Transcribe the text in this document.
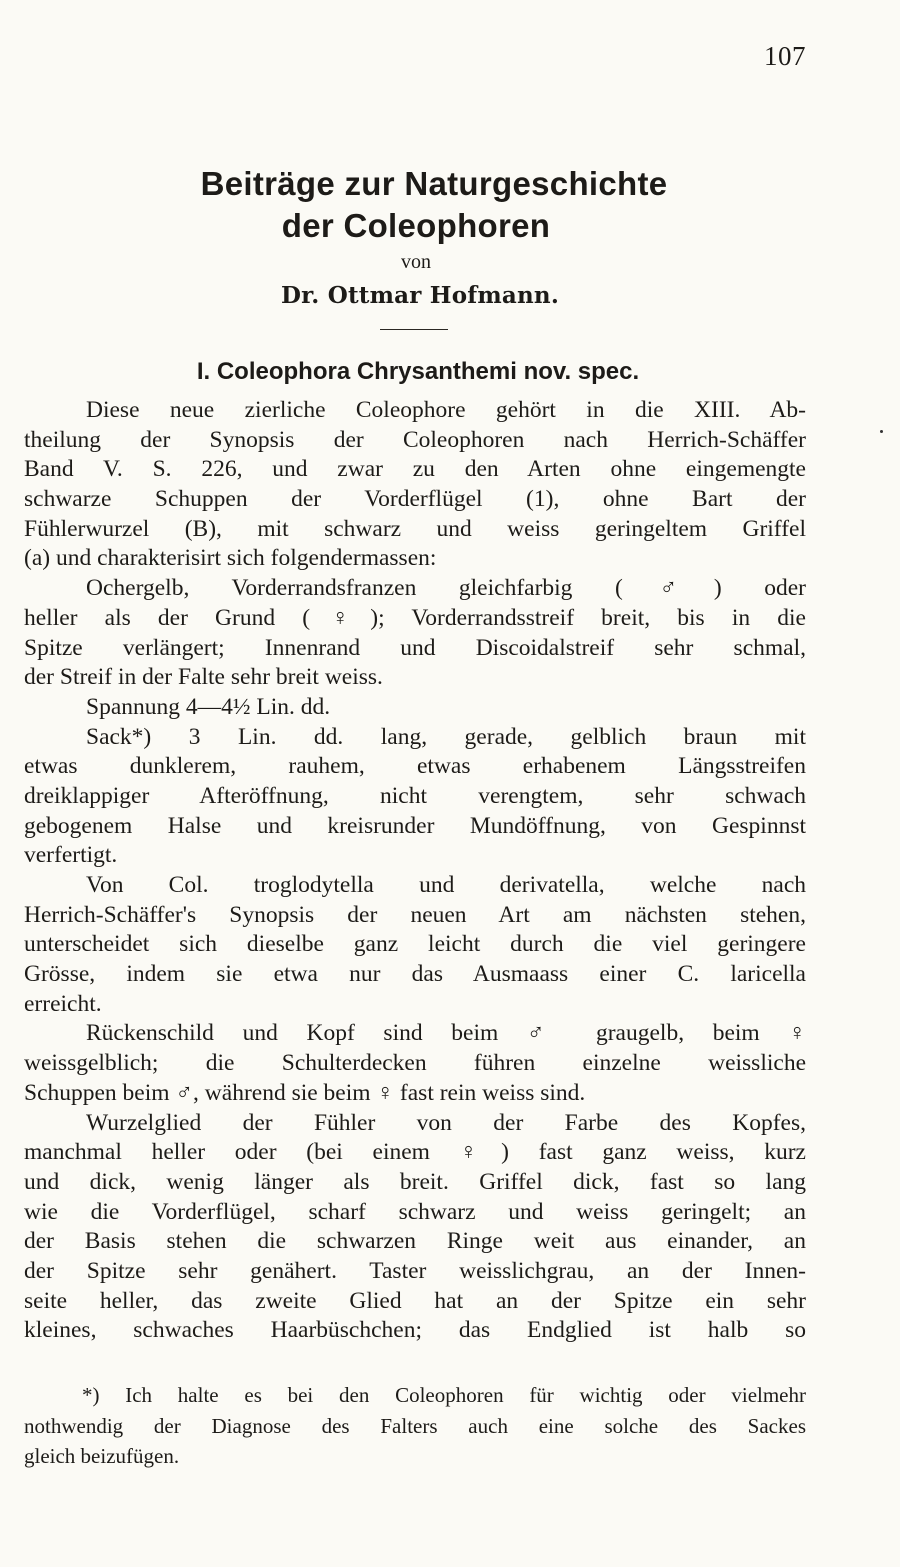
107
Beiträge zur Naturgeschichte
der Coleophoren
von
Dr. Ottmar Hofmann.
I. Coleophora Chrysanthemi nov. spec.
Diese neue zierliche Coleophore gehört in die XIII. Ab-
theilung der Synopsis der Coleophoren nach Herrich-Schäffer
Band V. S. 226, und zwar zu den Arten ohne eingemengte
schwarze Schuppen der Vorderflügel (1), ohne Bart der
Fühlerwurzel (B), mit schwarz und weiss geringeltem Griffel
(a) und charakterisirt sich folgendermassen:
Ochergelb, Vorderrandsfranzen gleichfarbig (♂) oder
heller als der Grund (♀); Vorderrandsstreif breit, bis in die
Spitze verlängert; Innenrand und Discoidalstreif sehr schmal,
der Streif in der Falte sehr breit weiss.
Spannung 4—4½ Lin. dd.
Sack*) 3 Lin. dd. lang, gerade, gelblich braun mit
etwas dunklerem, rauhem, etwas erhabenem Längsstreifen
dreiklappiger Afteröffnung, nicht verengtem, sehr schwach
gebogenem Halse und kreisrunder Mundöffnung, von Gespinnst
verfertigt.
Von Col. troglodytella und derivatella, welche nach
Herrich-Schäffer's Synopsis der neuen Art am nächsten stehen,
unterscheidet sich dieselbe ganz leicht durch die viel geringere
Grösse, indem sie etwa nur das Ausmaass einer C. laricella
erreicht.
Rückenschild und Kopf sind beim ♂ graugelb, beim ♀
weissgelblich; die Schulterdecken führen einzelne weissliche
Schuppen beim ♂, während sie beim ♀ fast rein weiss sind.
Wurzelglied der Fühler von der Farbe des Kopfes,
manchmal heller oder (bei einem ♀) fast ganz weiss, kurz
und dick, wenig länger als breit. Griffel dick, fast so lang
wie die Vorderflügel, scharf schwarz und weiss geringelt; an
der Basis stehen die schwarzen Ringe weit aus einander, an
der Spitze sehr genähert. Taster weisslichgrau, an der Innen-
seite heller, das zweite Glied hat an der Spitze ein sehr
kleines, schwaches Haarbüschchen; das Endglied ist halb so
*) Ich halte es bei den Coleophoren für wichtig oder vielmehr
nothwendig der Diagnose des Falters auch eine solche des Sackes
gleich beizufügen.
